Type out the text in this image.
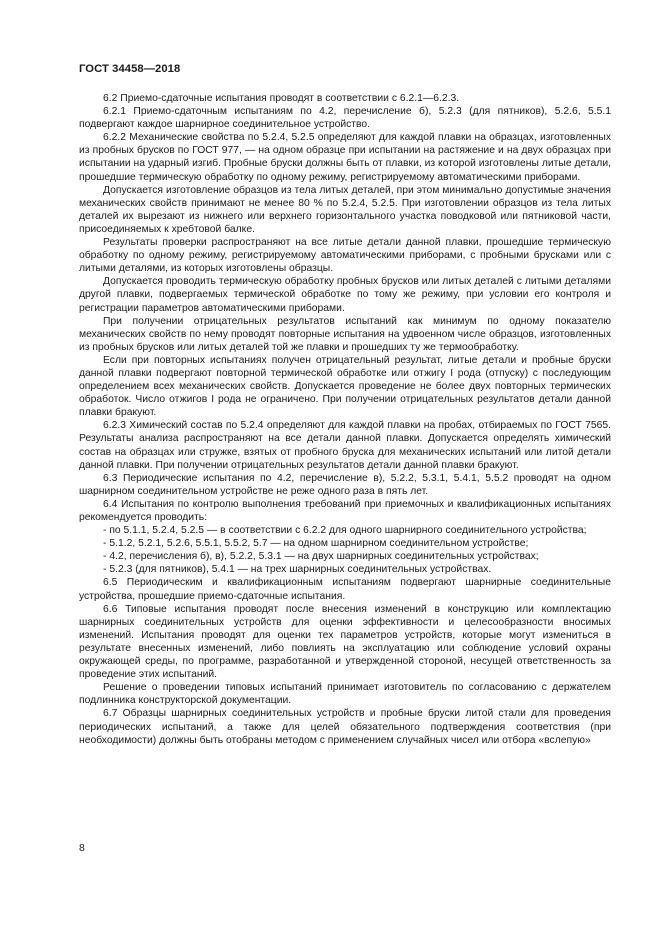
ГОСТ 34458—2018

6.2 Приемо-сдаточные испытания проводят в соответствии с 6.2.1—6.2.3.

6.2.1 Приемо-сдаточным испытаниям по 4.2, перечисление б), 5.2.3 (для пятников), 5.2.6, 5.5.1 подвергают каждое шарнирное соединительное устройство.

6.2.2 Механические свойства по 5.2.4, 5.2.5 определяют для каждой плавки на образцах, изготовленных из пробных брусков по ГОСТ 977, — на одном образце при испытании на растяжение и на двух образцах при испытании на ударный изгиб. Пробные бруски должны быть от плавки, из которой изготовлены литые детали, прошедшие термическую обработку по одному режиму, регистрируемому автоматическими приборами.

Допускается изготовление образцов из тела литых деталей, при этом минимально допустимые значения механических свойств принимают не менее 80 % по 5.2.4, 5.2.5. При изготовлении образцов из тела литых деталей их вырезают из нижнего или верхнего горизонтального участка поводковой или пятниковой части, присоединяемых к хребтовой балке.

Результаты проверки распространяют на все литые детали данной плавки, прошедшие термическую обработку по одному режиму, регистрируемому автоматическими приборами, с пробными брусками или с литыми деталями, из которых изготовлены образцы.

Допускается проводить термическую обработку пробных брусков или литых деталей с литыми деталями другой плавки, подвергаемых термической обработке по тому же режиму, при условии его контроля и регистрации параметров автоматическими приборами.

При получении отрицательных результатов испытаний как минимум по одному показателю механических свойств по нему проводят повторные испытания на удвоенном числе образцов, изготовленных из пробных брусков или литых деталей той же плавки и прошедших ту же термообработку.

Если при повторных испытаниях получен отрицательный результат, литые детали и пробные бруски данной плавки подвергают повторной термической обработке или отжигу I рода (отпуску) с последующим определением всех механических свойств. Допускается проведение не более двух повторных термических обработок. Число отжигов I рода не ограничено. При получении отрицательных результатов детали данной плавки бракуют.

6.2.3 Химический состав по 5.2.4 определяют для каждой плавки на пробах, отбираемых по ГОСТ 7565. Результаты анализа распространяют на все детали данной плавки. Допускается определять химический состав на образцах или стружке, взятых от пробного бруска для механических испытаний или литой детали данной плавки. При получении отрицательных результатов детали данной плавки бракуют.

6.3 Периодические испытания по 4.2, перечисление в), 5.2.2, 5.3.1, 5.4.1, 5.5.2 проводят на одном шарнирном соединительном устройстве не реже одного раза в пять лет.

6.4 Испытания по контролю выполнения требований при приемочных и квалификационных испытаниях рекомендуется проводить:

- по 5.1.1, 5.2.4, 5.2.5 — в соответствии с 6.2.2 для одного шарнирного соединительного устройства;

- 5.1.2, 5.2.1, 5.2.6, 5.5.1, 5.5.2, 5.7 — на одном шарнирном соединительном устройстве;

- 4.2, перечисления б), в), 5.2.2, 5.3.1 — на двух шарнирных соединительных устройствах;

- 5.2.3 (для пятников), 5.4.1 — на трех шарнирных соединительных устройствах.

6.5 Периодическим и квалификационным испытаниям подвергают шарнирные соединительные устройства, прошедшие приемо-сдаточные испытания.

6.6 Типовые испытания проводят после внесения изменений в конструкцию или комплектацию шарнирных соединительных устройств для оценки эффективности и целесообразности вносимых изменений. Испытания проводят для оценки тех параметров устройств, которые могут измениться в результате внесенных изменений, либо повлиять на эксплуатацию или соблюдение условий охраны окружающей среды, по программе, разработанной и утвержденной стороной, несущей ответственность за проведение этих испытаний.

Решение о проведении типовых испытаний принимает изготовитель по согласованию с держателем подлинника конструкторской документации.

6.7 Образцы шарнирных соединительных устройств и пробные бруски литой стали для проведения периодических испытаний, а также для целей обязательного подтверждения соответствия (при необходимости) должны быть отобраны методом с применением случайных чисел или отбора «вслепую»

8
